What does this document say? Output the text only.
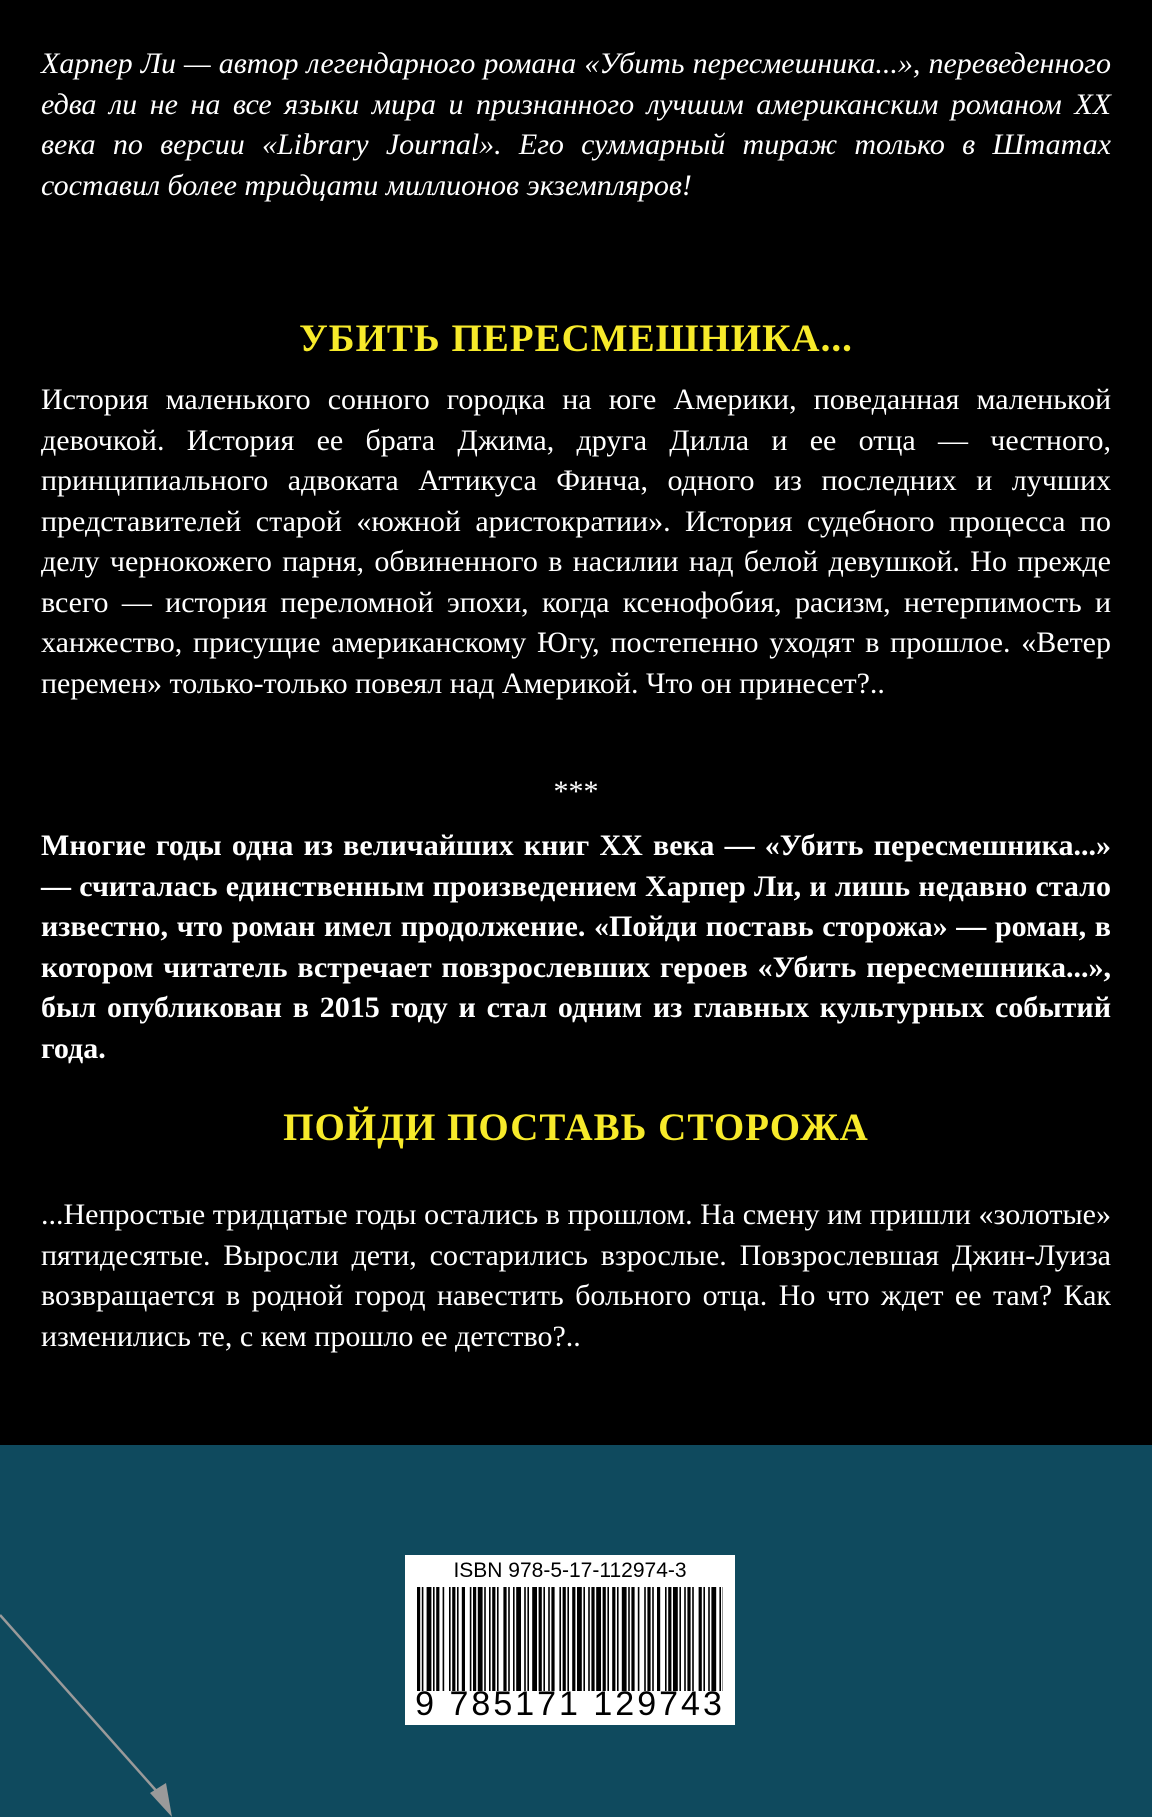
Харпер Ли — автор легендарного романа «Убить пересмешника...», переведенного едва ли не на все языки мира и признанного лучшим американским романом XX века по версии «Library Journal». Его суммарный тираж только в Штатах составил более тридцати миллионов экземпляров!

УБИТЬ ПЕРЕСМЕШНИКА...

История маленького сонного городка на юге Америки, поведанная маленькой девочкой. История ее брата Джима, друга Дилла и ее отца — честного, принципиального адвоката Аттикуса Финча, одного из последних и лучших представителей старой «южной аристократии». История судебного процесса по делу чернокожего парня, обвиненного в насилии над белой девушкой. Но прежде всего — история переломной эпохи, когда ксенофобия, расизм, нетерпимость и ханжество, присущие американскому Югу, постепенно уходят в прошлое. «Ветер перемен» только-только повеял над Америкой. Что он принесет?..

***

Многие годы одна из величайших книг XX века — «Убить пересмешника...» — считалась единственным произведением Харпер Ли, и лишь недавно стало известно, что роман имел продолжение. «Пойди поставь сторожа» — роман, в котором читатель встречает повзрослевших героев «Убить пересмешника...», был опубликован в 2015 году и стал одним из главных культурных событий года.

ПОЙДИ ПОСТАВЬ СТОРОЖА

...Непростые тридцатые годы остались в прошлом. На смену им пришли «золотые» пятидесятые. Выросли дети, состарились взрослые. Повзрослевшая Джин-Луиза возвращается в родной город навестить больного отца. Но что ждет ее там? Как изменились те, с кем прошло ее детство?..

ISBN 978-5-17-112974-3
9 785171 129743
